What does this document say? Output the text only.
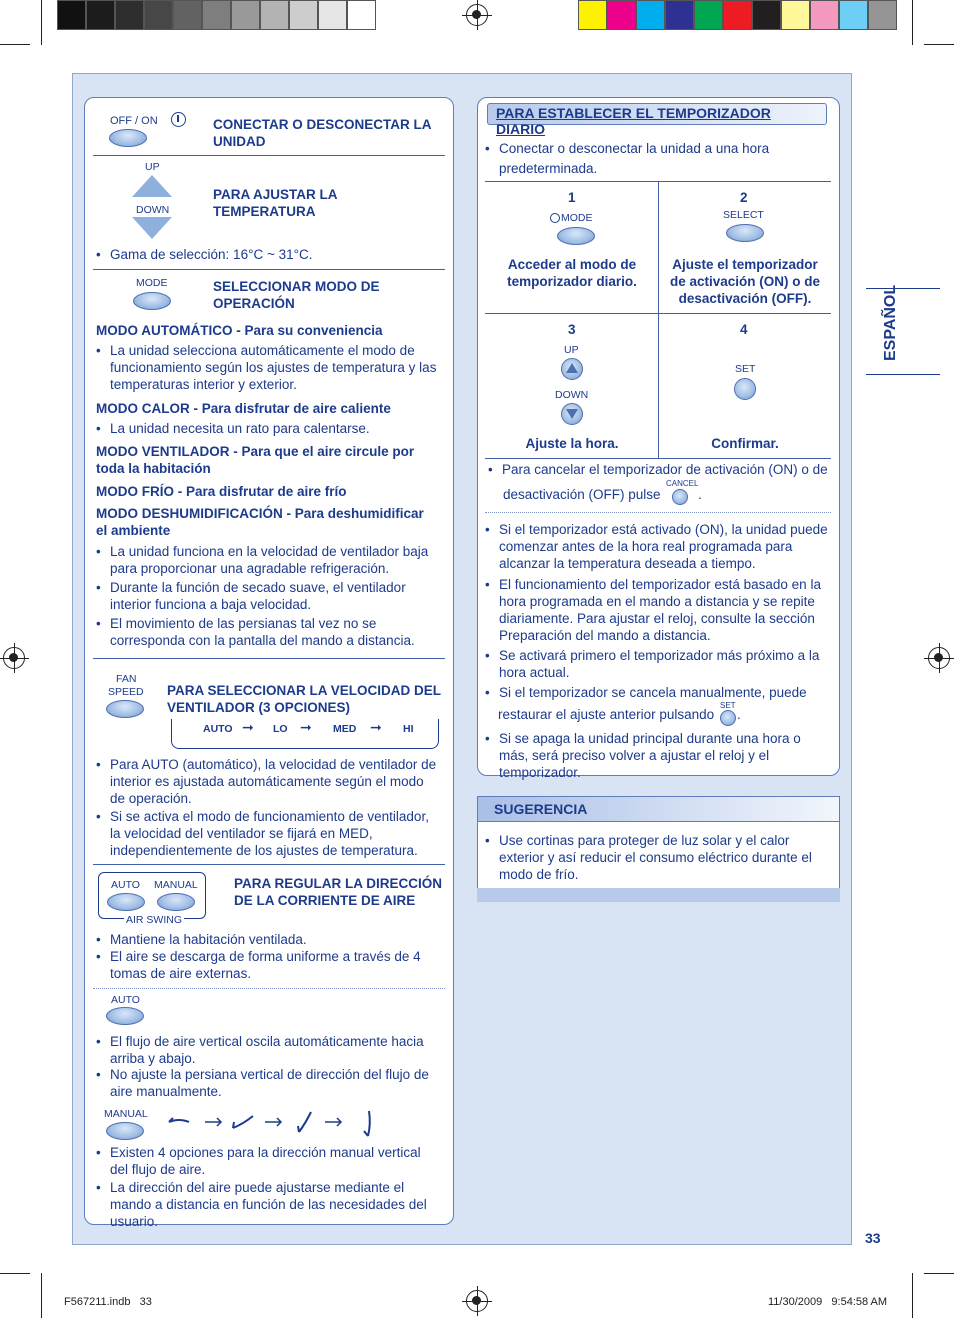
ESPAÑOL
OFF / ON	CONECTAR O DESCONECTAR LA UNIDAD
UP
DOWN
PARA AJUSTAR LA TEMPERATURA
• Gama de selección: 16°C ~ 31°C.
MODE	SELECCIONAR MODO DE OPERACIÓN
MODO AUTOMÁTICO - Para su conveniencia
• La unidad selecciona automáticamente el modo de funcionamiento según los ajustes de temperatura y las temperaturas interior y exterior.
MODO CALOR - Para disfrutar de aire caliente
• La unidad necesita un rato para calentarse.
MODO VENTILADOR - Para que el aire circule por toda la habitación
MODO FRÍO - Para disfrutar de aire frío
MODO DESHUMIDIFICACIÓN - Para deshumidificar el ambiente
• La unidad funciona en la velocidad de ventilador baja para proporcionar una agradable refrigeración.
• Durante la función de secado suave, el ventilador interior funciona a baja velocidad.
• El movimiento de las persianas tal vez no se corresponda con la pantalla del mando a distancia.
FAN
SPEED PARA SELECCIONAR LA VELOCIDAD DEL VENTILADOR (3 OPCIONES)
AUTO ➞ LO ➞ MED ➞ HI
• Para AUTO (automático), la velocidad de ventilador de interior es ajustada automáticamente según el modo de operación.
• Si se activa el modo de funcionamiento de ventilador, la velocidad del ventilador se fijará en MED, independientemente de los ajustes de temperatura.
AUTO MANUAL
AIR SWING
PARA REGULAR LA DIRECCIÓN DE LA CORRIENTE DE AIRE
• Mantiene la habitación ventilada.
• El aire se descarga de forma uniforme a través de 4 tomas de aire externas.
AUTO
• El flujo de aire vertical oscila automáticamente hacia arriba y abajo.
• No ajuste la persiana vertical de dirección del flujo de aire manualmente.
MANUAL
• Existen 4 opciones para la dirección manual vertical del flujo de aire.
• La dirección del aire puede ajustarse mediante el mando a distancia en función de las necesidades del usuario.
PARA ESTABLECER EL TEMPORIZADOR DIARIO
• Conectar o desconectar la unidad a una hora predeterminada.
1
MODE
Acceder al modo de temporizador diario.
2
SELECT
Ajuste el temporizador de activación (ON) o de desactivación (OFF).
3
UP
DOWN
Ajuste la hora.
4
SET
Confirmar.
• Para cancelar el temporizador de activación (ON) o de
desactivación (OFF) pulse
CANCEL
.
• Si el temporizador está activado (ON), la unidad puede comenzar antes de la hora real programada para alcanzar la temperatura deseada a tiempo.
• El funcionamiento del temporizador está basado en la hora programada en el mando a distancia y se repite diariamente. Para ajustar el reloj, consulte la sección Preparación del mando a distancia.
• Se activará primero el temporizador más próximo a la hora actual.
• Si el temporizador se cancela manualmente, puede
restaurar el ajuste anterior pulsando
SET
.
• Si se apaga la unidad principal durante una hora o más, será preciso volver a ajustar el reloj y el temporizador.
SUGERENCIA
• Use cortinas para proteger de luz solar y el calor exterior y así reducir el consumo eléctrico durante el modo de frío.
33
F567211.indb   33	11/30/2009   9:54:58 AM
